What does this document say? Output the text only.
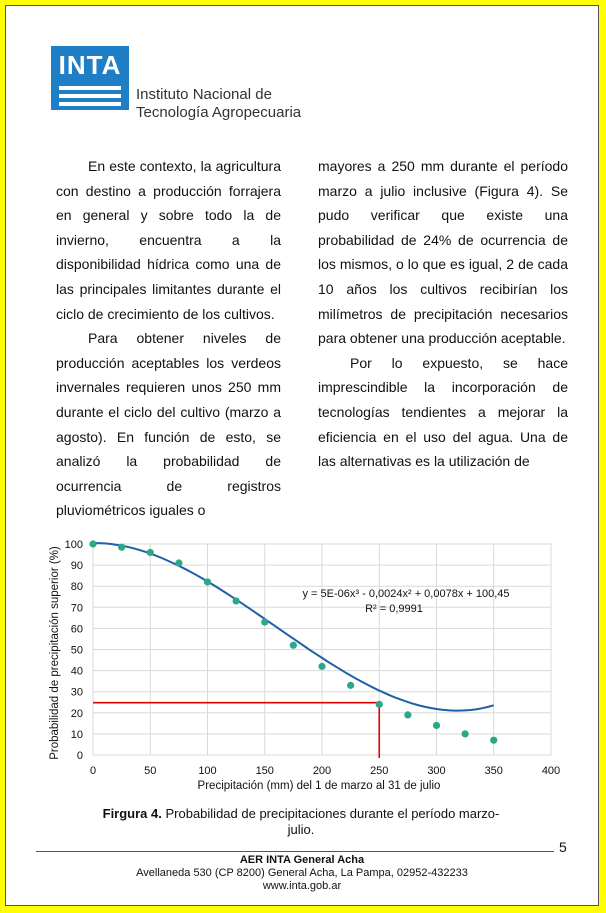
INTA
Instituto Nacional de
Tecnología Agropecuaria

En este contexto, la agricultura con destino a producción forrajera en general y sobre todo la de invierno, encuentra a la disponibilidad hídrica como una de las principales limitantes durante el ciclo de crecimiento de los cultivos.

Para obtener niveles de producción aceptables los verdeos invernales requieren unos 250 mm durante el ciclo del cultivo (marzo a agosto). En función de esto, se analizó la probabilidad de ocurrencia de registros pluviométricos iguales o

mayores a 250 mm durante el período marzo a julio inclusive (Figura 4). Se pudo verificar que existe una probabilidad de 24% de ocurrencia de los mismos, o lo que es igual, 2 de cada 10 años los cultivos recibirían los milímetros de precipitación necesarios para obtener una producción aceptable.

Por lo expuesto, se hace imprescindible la incorporación de tecnologías tendientes a mejorar la eficiencia en el uso del agua. Una de las alternativas es la utilización de

0
10
20
30
40
50
60
70
80
90
100
0	50	100	150	200	250	300	350	400
y = 5E-06x³ - 0,0024x² + 0,0078x + 100,45
R² = 0,9991
Precipitación (mm) del 1 de marzo al 31 de julio
Probabilidad de precipitación superior (%)
Firgura 4. Probabilidad de precipitaciones durante el período marzo-julio.
5
AER INTA General Acha
Avellaneda 530 (CP 8200) General Acha, La Pampa, 02952-432233
www.inta.gob.ar
